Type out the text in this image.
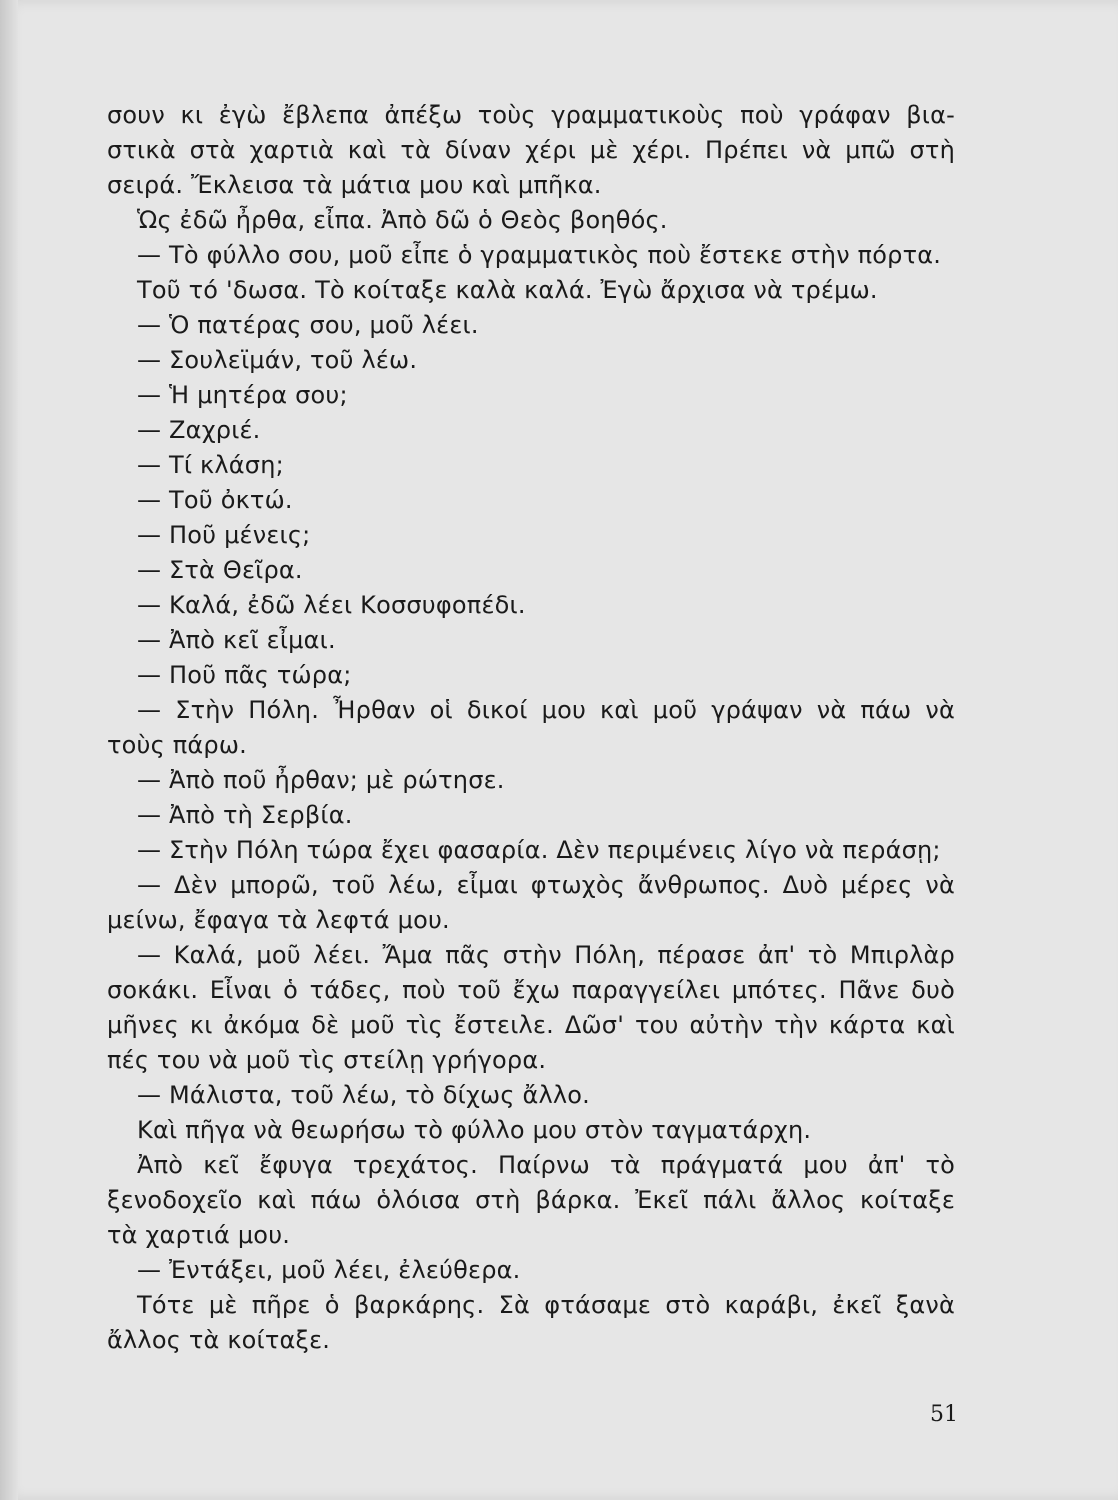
σουν κι ἐγὼ ἔβλεπα ἀπέξω τοὺς γραμματικοὺς ποὺ γράφαν βια-
στικὰ στὰ χαρτιὰ καὶ τὰ δίναν χέρι μὲ χέρι. Πρέπει νὰ μπῶ στὴ
σειρά. Ἔκλεισα τὰ μάτια μου καὶ μπῆκα.
Ὡς ἐδῶ ἦρθα, εἶπα. Ἀπὸ δῶ ὁ Θεὸς βοηθός.
— Τὸ φύλλο σου, μοῦ εἶπε ὁ γραμματικὸς ποὺ ἔστεκε στὴν πόρτα.
Τοῦ τό 'δωσα. Τὸ κοίταξε καλὰ καλά. Ἐγὼ ἄρχισα νὰ τρέμω.
— Ὁ πατέρας σου, μοῦ λέει.
— Σουλεϊμάν, τοῦ λέω.
— Ἡ μητέρα σου;
— Ζαχριέ.
— Τί κλάση;
— Τοῦ ὀκτώ.
— Ποῦ μένεις;
— Στὰ Θεῖρα.
— Καλά, ἐδῶ λέει Κοσσυφοπέδι.
— Ἀπὸ κεῖ εἶμαι.
— Ποῦ πᾶς τώρα;
— Στὴν Πόλη. Ἦρθαν οἱ δικοί μου καὶ μοῦ γράψαν νὰ πάω νὰ
τοὺς πάρω.
— Ἀπὸ ποῦ ἦρθαν; μὲ ρώτησε.
— Ἀπὸ τὴ Σερβία.
— Στὴν Πόλη τώρα ἔχει φασαρία. Δὲν περιμένεις λίγο νὰ περάσῃ;
— Δὲν μπορῶ, τοῦ λέω, εἶμαι φτωχὸς ἄνθρωπος. Δυὸ μέρες νὰ
μείνω, ἔφαγα τὰ λεφτά μου.
— Καλά, μοῦ λέει. Ἄμα πᾶς στὴν Πόλη, πέρασε ἀπ' τὸ Μπιρλὰρ
σοκάκι. Εἶναι ὁ τάδες, ποὺ τοῦ ἔχω παραγγείλει μπότες. Πᾶνε δυὸ
μῆνες κι ἀκόμα δὲ μοῦ τὶς ἔστειλε. Δῶσ' του αὐτὴν τὴν κάρτα καὶ
πές του νὰ μοῦ τὶς στείλῃ γρήγορα.
— Μάλιστα, τοῦ λέω, τὸ δίχως ἄλλο.
Καὶ πῆγα νὰ θεωρήσω τὸ φύλλο μου στὸν ταγματάρχη.
Ἀπὸ κεῖ ἔφυγα τρεχάτος. Παίρνω τὰ πράγματά μου ἀπ' τὸ
ξενοδοχεῖο καὶ πάω ὁλόισα στὴ βάρκα. Ἐκεῖ πάλι ἄλλος κοίταξε
τὰ χαρτιά μου.
— Ἐντάξει, μοῦ λέει, ἐλεύθερα.
Τότε μὲ πῆρε ὁ βαρκάρης. Σὰ φτάσαμε στὸ καράβι, ἐκεῖ ξανὰ
ἄλλος τὰ κοίταξε.
51
